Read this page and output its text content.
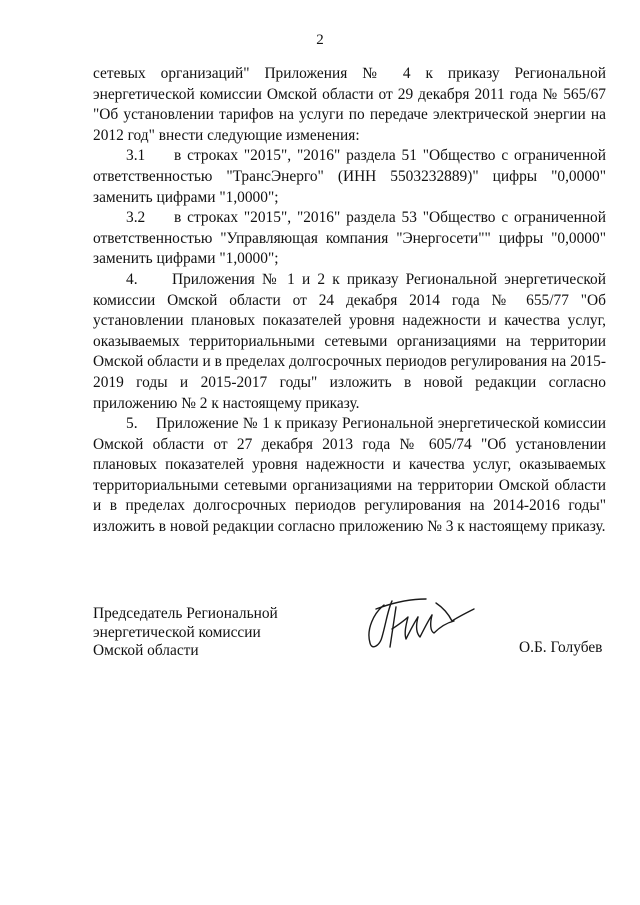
2

сетевых организаций" Приложения № 4 к приказу Региональной энергетической комиссии Омской области от 29 декабря 2011 года № 565/67 "Об установлении тарифов на услуги по передаче электрической энергии на 2012 год" внести следующие изменения:

3.1 в строках "2015", "2016" раздела 51 "Общество с ограниченной ответственностью "ТрансЭнерго" (ИНН 5503232889)" цифры "0,0000" заменить цифрами "1,0000";

3.2 в строках "2015", "2016" раздела 53 "Общество с ограниченной ответственностью "Управляющая компания "Энергосети"" цифры "0,0000" заменить цифрами "1,0000";

4. Приложения № 1 и 2 к приказу Региональной энергетической комиссии Омской области от 24 декабря 2014 года № 655/77 "Об установлении плановых показателей уровня надежности и качества услуг, оказываемых территориальными сетевыми организациями на территории Омской области и в пределах долгосрочных периодов регулирования на 2015-2019 годы и 2015-2017 годы" изложить в новой редакции согласно приложению № 2 к настоящему приказу.

5. Приложение № 1 к приказу Региональной энергетической комиссии Омской области от 27 декабря 2013 года № 605/74 "Об установлении плановых показателей уровня надежности и качества услуг, оказываемых территориальными сетевыми организациями на территории Омской области и в пределах долгосрочных периодов регулирования на 2014-2016 годы" изложить в новой редакции согласно приложению № 3 к настоящему приказу.

Председатель Региональной
энергетической комиссии
Омской области	О.Б. Голубев
